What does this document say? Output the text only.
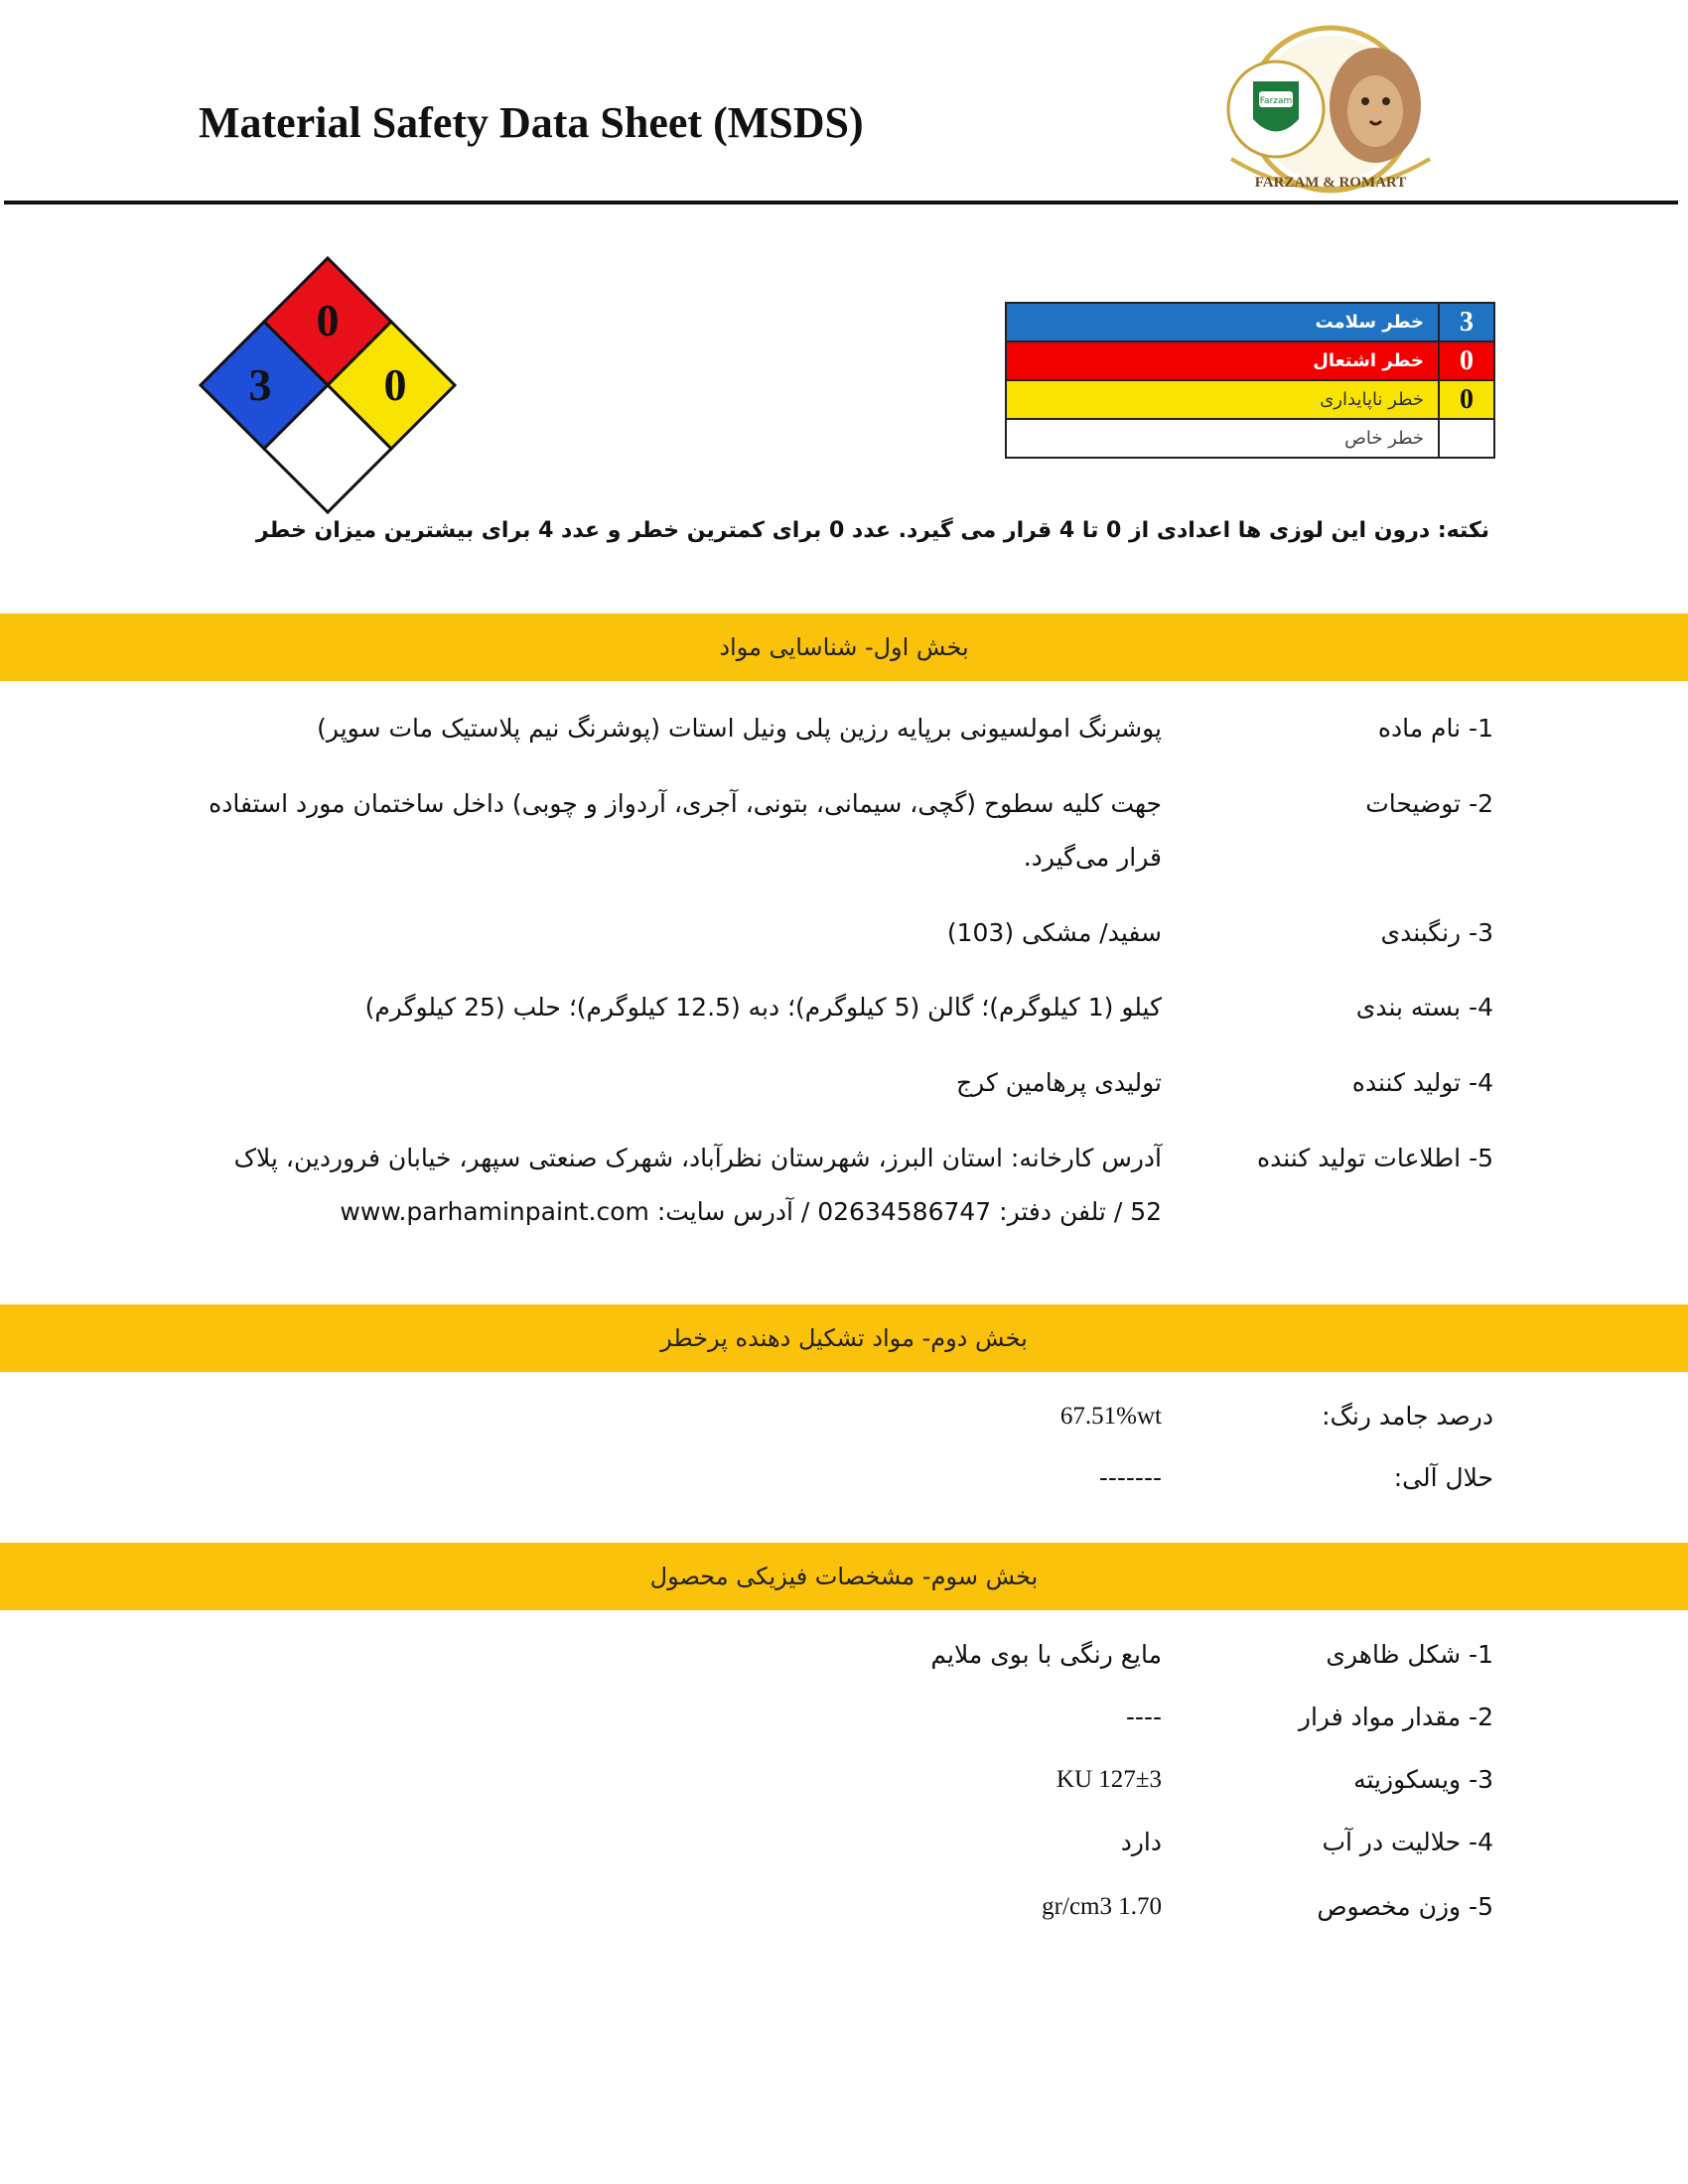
Material Safety Data Sheet (MSDS)	Farzam
FARZAM & ROMART
0
3 0
3	خطر سلامت
0	خطر اشتعال
0	خطر ناپایداری
	خطر خاص
نکته: درون این لوزی ها اعدادی از 0 تا 4 قرار می گیرد. عدد 0 برای کمترین خطر و عدد 4 برای بیشترین میزان خطر
بخش اول- شناسایی مواد
1- نام ماده
پوشرنگ امولسیونی برپایه رزین پلی ونیل استات (پوشرنگ نیم پلاستیک مات سوپر)
2- توضیحات
جهت کلیه سطوح (گچی، سیمانی، بتونی، آجری، آردواز و چوبی) داخل ساختمان مورد استفاده قرار می‌گیرد.
3- رنگبندی
سفید/ مشکی (103)
4- بسته بندی
کیلو (1 کیلوگرم)؛ گالن (5 کیلوگرم)؛ دبه (12.5 کیلوگرم)؛ حلب (25 کیلوگرم)
4- تولید کننده
تولیدی پرهامین کرج
5- اطلاعات تولید کننده
آدرس کارخانه: استان البرز، شهرستان نظرآباد، شهرک صنعتی سپهر، خیابان فروردین، پلاک 52 / تلفن دفتر: 02634586747 / آدرس سایت: www.parhaminpaint.com
بخش دوم- مواد تشکیل دهنده پرخطر
درصد جامد رنگ:
67.51%wt
حلال آلی:
-------
بخش سوم- مشخصات فیزیکی محصول
1- شکل ظاهری
مایع رنگی با بوی ملایم
2- مقدار مواد فرار
----
3- ویسکوزیته
127±3 KU
4- حلالیت در آب
دارد
5- وزن مخصوص
1.70 gr/cm3
